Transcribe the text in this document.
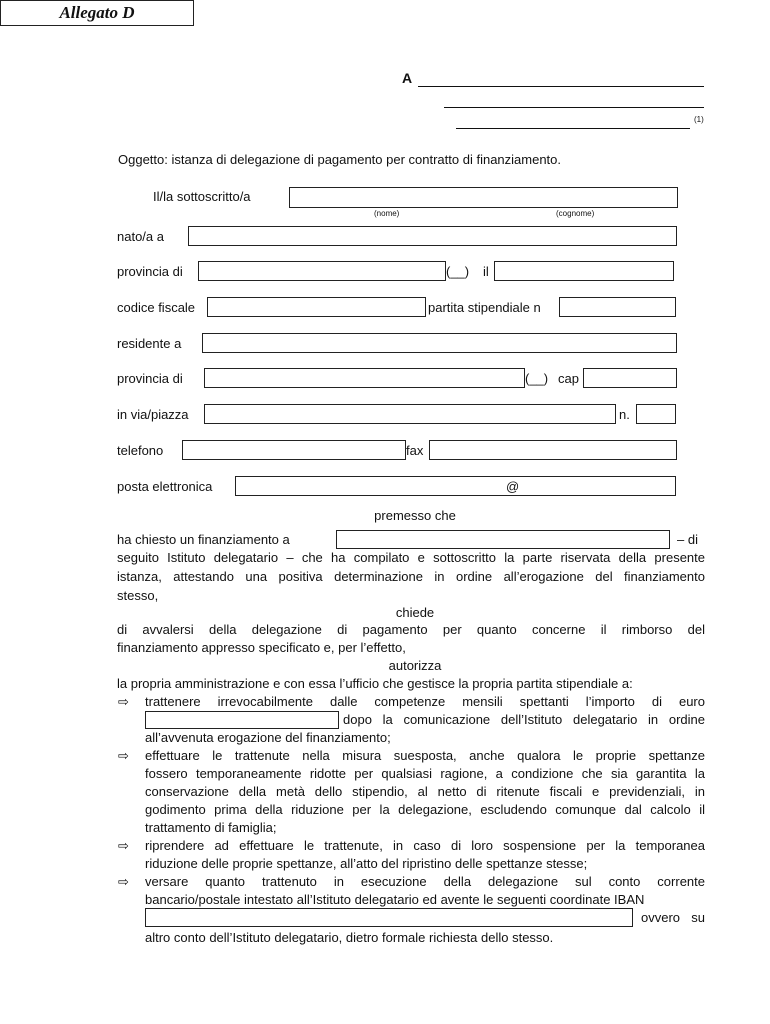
Allegato D
A
(1)
Oggetto: istanza di delegazione di pagamento per contratto di finanziamento.
Il/la sottoscritto/a
(nome)	(cognome)
nato/a a
provincia di	(__) il
codice fiscale	partita stipendiale n
residente a
provincia di	(__) cap
in via/piazza	n.
telefono	fax
posta elettronica	@
premesso che
ha chiesto un finanziamento a	– di
seguito Istituto delegatario – che ha compilato e sottoscritto la parte riservata della presente
istanza, attestando una positiva determinazione in ordine all’erogazione del finanziamento
stesso,
chiede
di avvalersi della delegazione di pagamento per quanto concerne il rimborso del
finanziamento appresso specificato e, per l’effetto,
autorizza
la propria amministrazione e con essa l’ufficio che gestisce la propria partita stipendiale a:
⇨ trattenere irrevocabilmente dalle competenze mensili spettanti l’importo di euro
dopo la comunicazione dell’Istituto delegatario in ordine
all’avvenuta erogazione del finanziamento;
⇨ effettuare le trattenute nella misura suesposta, anche qualora le proprie spettanze
fossero temporaneamente ridotte per qualsiasi ragione, a condizione che sia garantita la
conservazione della metà dello stipendio, al netto di ritenute fiscali e previdenziali, in
godimento prima della riduzione per la delegazione, escludendo comunque dal calcolo il
trattamento di famiglia;
⇨ riprendere ad effettuare le trattenute, in caso di loro sospensione per la temporanea
riduzione delle proprie spettanze, all’atto del ripristino delle spettanze stesse;
⇨ versare quanto trattenuto in esecuzione della delegazione sul conto corrente
bancario/postale intestato all’Istituto delegatario ed avente le seguenti coordinate IBAN
ovvero su
altro conto dell’Istituto delegatario, dietro formale richiesta dello stesso.
